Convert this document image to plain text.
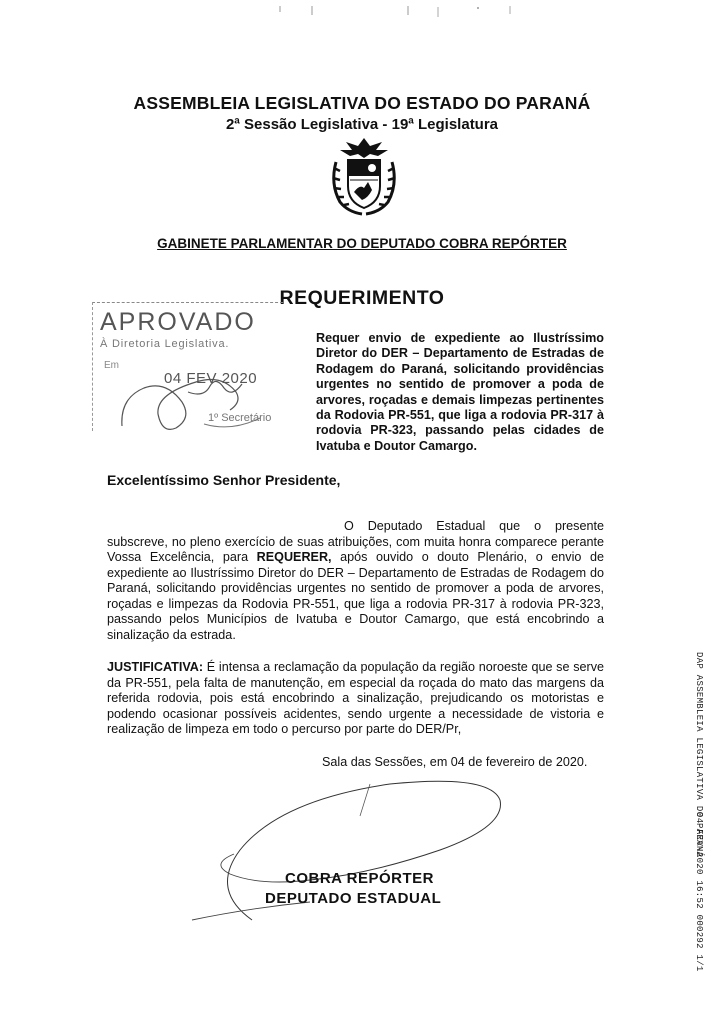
ASSEMBLEIA LEGISLATIVA DO ESTADO DO PARANÁ
2ª Sessão Legislativa - 19ª Legislatura
GABINETE PARLAMENTAR DO DEPUTADO COBRA REPÓRTER
REQUERIMENTO
APROVADO
À Diretoria Legislativa.
Em
04 FEV 2020
1º Secretário
Requer envio de expediente ao Ilustríssimo Diretor do DER – Departamento de Estradas de Rodagem do Paraná, solicitando providências urgentes no sentido de promover a poda de arvores, roçadas e demais limpezas pertinentes da Rodovia PR-551, que liga a rodovia PR-317 à rodovia PR-323, passando pelas cidades de Ivatuba e Doutor Camargo.
Excelentíssimo Senhor Presidente,
O Deputado Estadual que o presente subscreve, no pleno exercício de suas atribuições, com muita honra comparece perante Vossa Excelência, para REQUERER, após ouvido o douto Plenário, o envio de expediente ao Ilustríssimo Diretor do DER – Departamento de Estradas de Rodagem do Paraná, solicitando providências urgentes no sentido de promover a poda de arvores, roçadas e limpezas da Rodovia PR-551, que liga a rodovia PR-317 à rodovia PR-323, passando pelos Municípios de Ivatuba e Doutor Camargo, que está encobrindo a sinalização da estrada.
JUSTIFICATIVA: É intensa a reclamação da população da região noroeste que se serve da PR-551, pela falta de manutenção, em especial da roçada do mato das margens da referida rodovia, pois está encobrindo a sinalização, prejudicando os motoristas e podendo ocasionar possíveis acidentes, sendo urgente a necessidade de vistoria e realização de limpeza em todo o percurso por parte do DER/Pr,
Sala das Sessões, em 04 de fevereiro de 2020.
COBRA REPÓRTER
DEPUTADO ESTADUAL
DAP ASSEMBLEIA LEGISLATIVA DO PARANÁ
04-FEV-2020 16:52 000292 1/1
